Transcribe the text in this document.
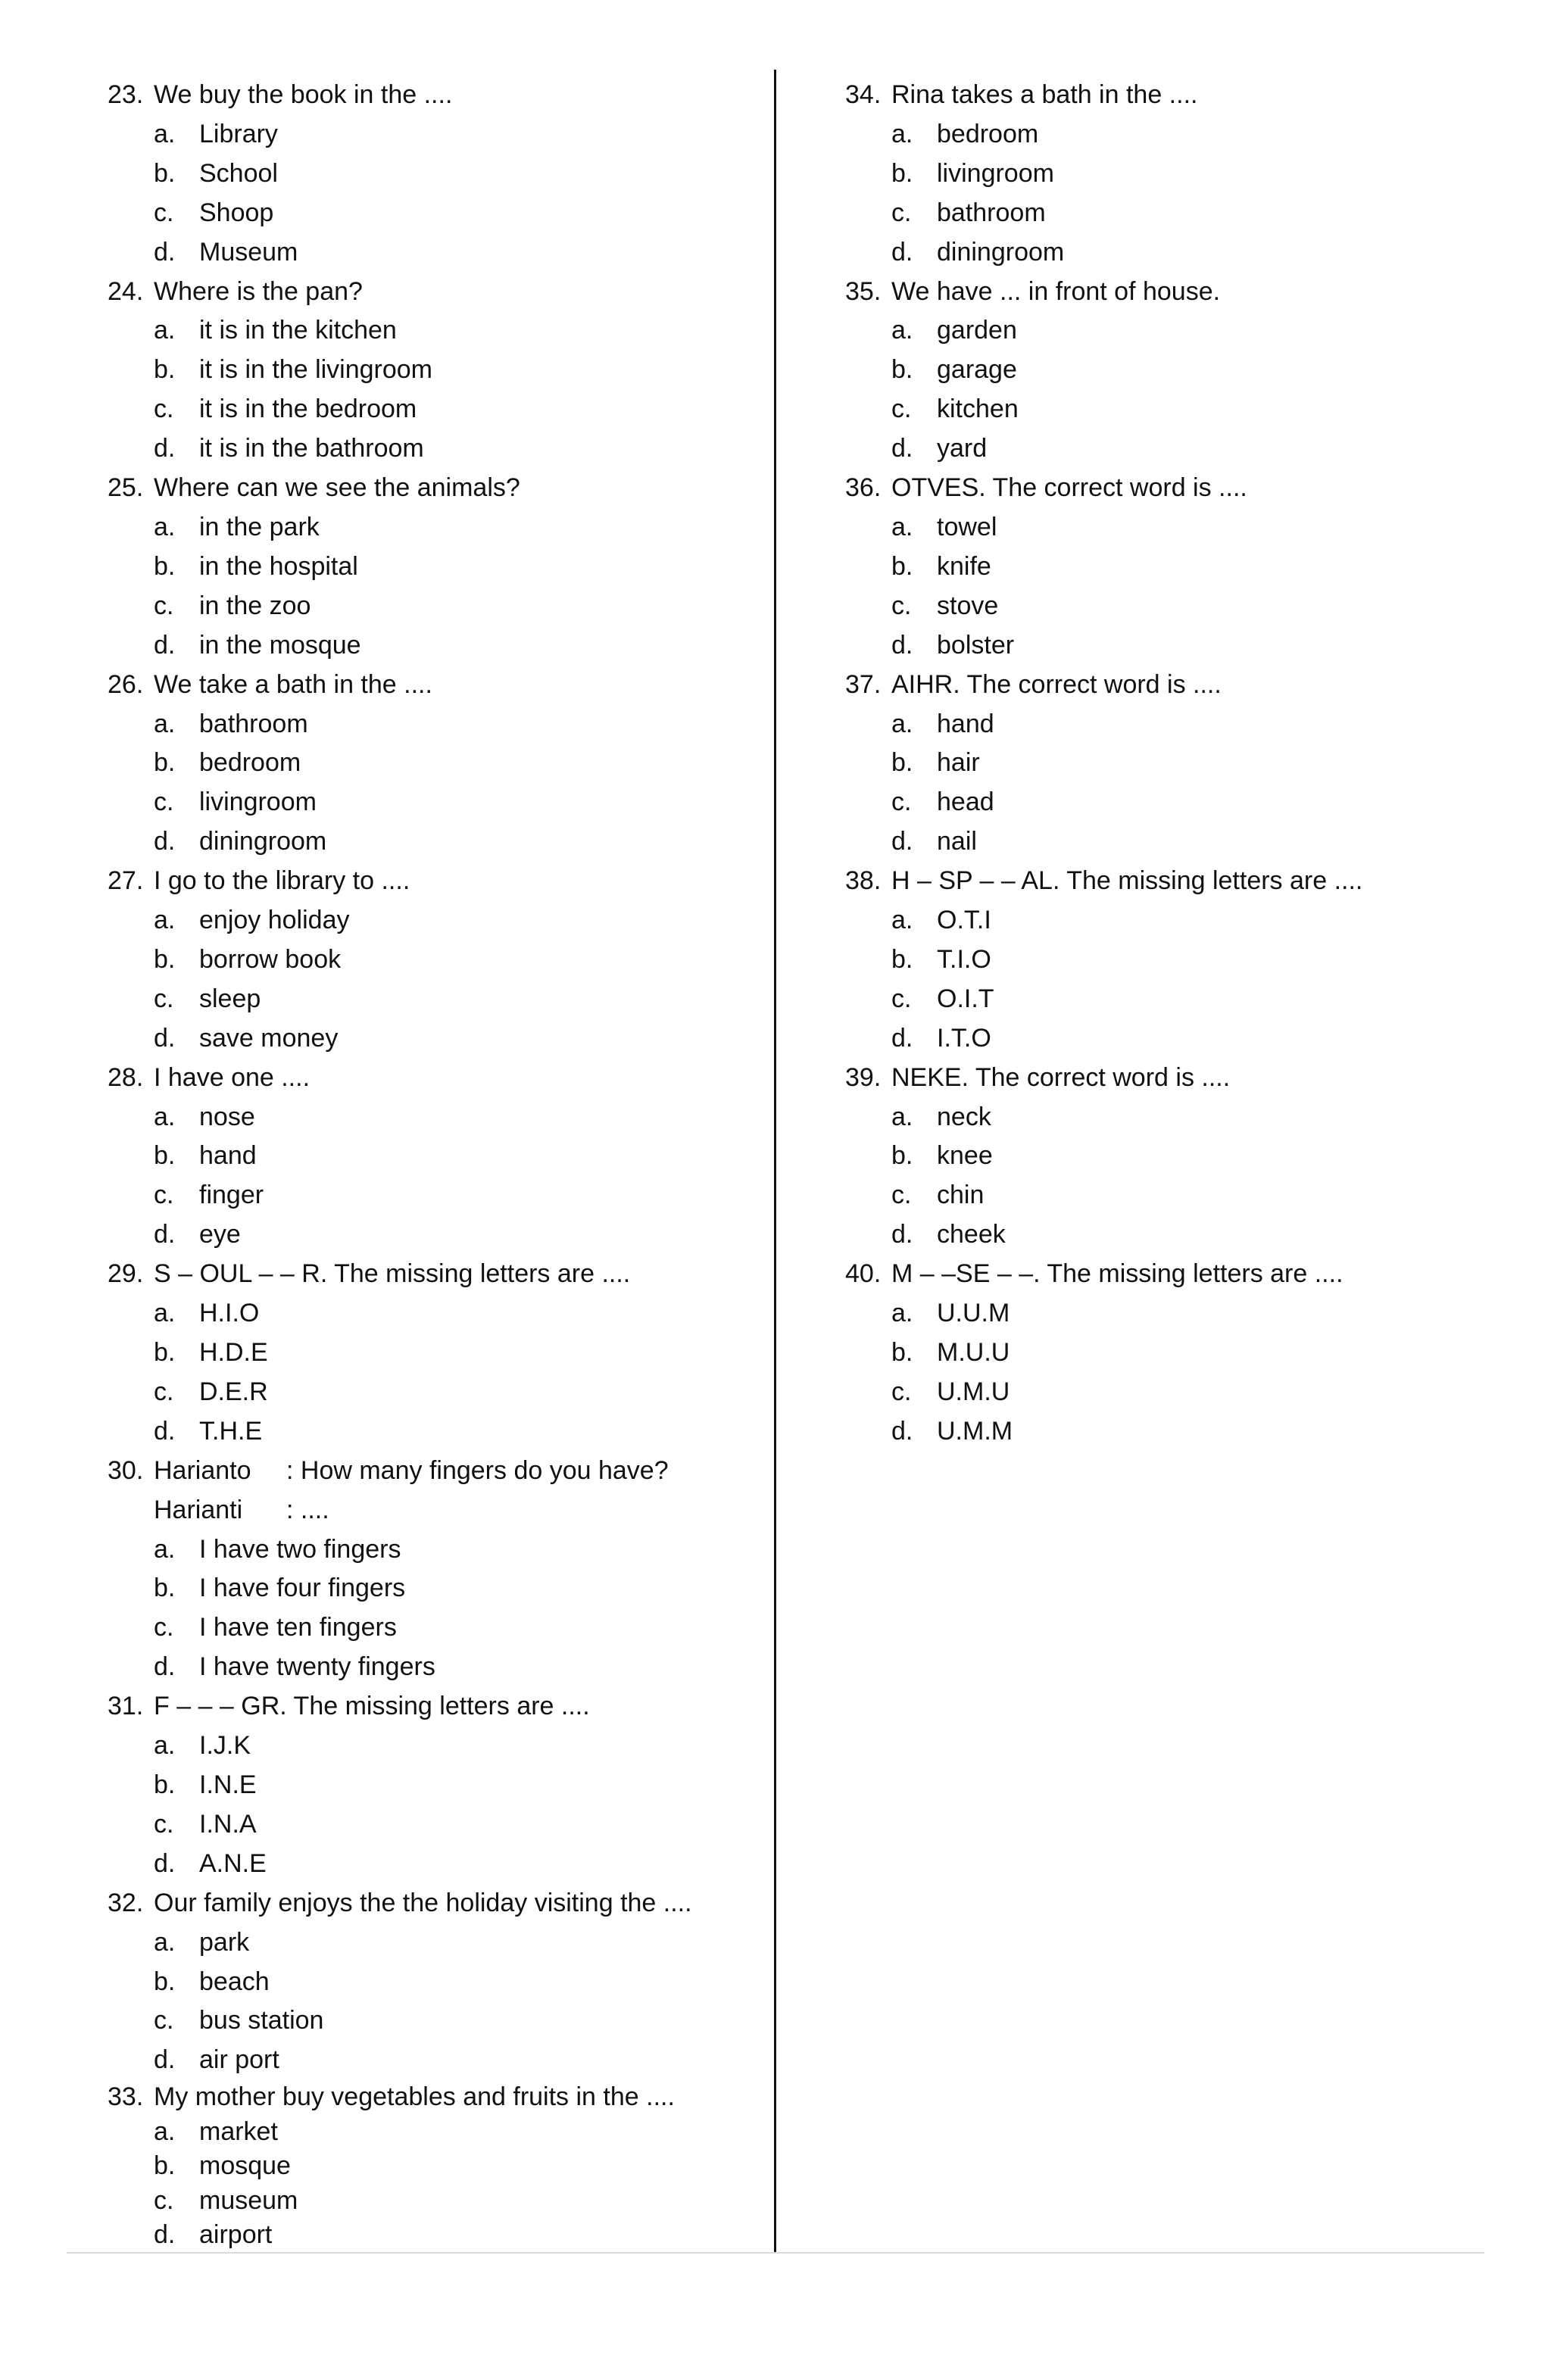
23. We buy the book in the ....
a. Library
b. School
c. Shoop
d. Museum
24. Where is the pan?
a. it is in the kitchen
b. it is in the livingroom
c. it is in the bedroom
d. it is in the bathroom
25. Where can we see the animals?
a. in the park
b. in the hospital
c. in the zoo
d. in the mosque
26. We take a bath in the ....
a. bathroom
b. bedroom
c. livingroom
d. diningroom
27. I go to the library to ....
a. enjoy holiday
b. borrow book
c. sleep
d. save money
28. I have one ....
a. nose
b. hand
c. finger
d. eye
29. S – OUL – – R. The missing letters are ....
a. H.I.O
b. H.D.E
c. D.E.R
d. T.H.E
30. Harianto	: How many fingers do you have?
Harianti	: ....
a. I have two fingers
b. I have four fingers
c. I have ten fingers
d. I have twenty fingers
31. F – – – GR. The missing letters are ....
a. I.J.K
b. I.N.E
c. I.N.A
d. A.N.E
32. Our family enjoys the the holiday visiting the ....
a. park
b. beach
c. bus station
d. air port
33. My mother buy vegetables and fruits in the ....
a. market
b. mosque
c. museum
d. airport
34. Rina takes a bath in the ....
a. bedroom
b. livingroom
c. bathroom
d. diningroom
35. We have ... in front of house.
a. garden
b. garage
c. kitchen
d. yard
36. OTVES. The correct word is ....
a. towel
b. knife
c. stove
d. bolster
37. AIHR. The correct word is ....
a. hand
b. hair
c. head
d. nail
38. H – SP – – AL. The missing letters are ....
a. O.T.I
b. T.I.O
c. O.I.T
d. I.T.O
39. NEKE. The correct word is ....
a. neck
b. knee
c. chin
d. cheek
40. M – –SE – –. The missing letters are ....
a. U.U.M
b. M.U.U
c. U.M.U
d. U.M.M
